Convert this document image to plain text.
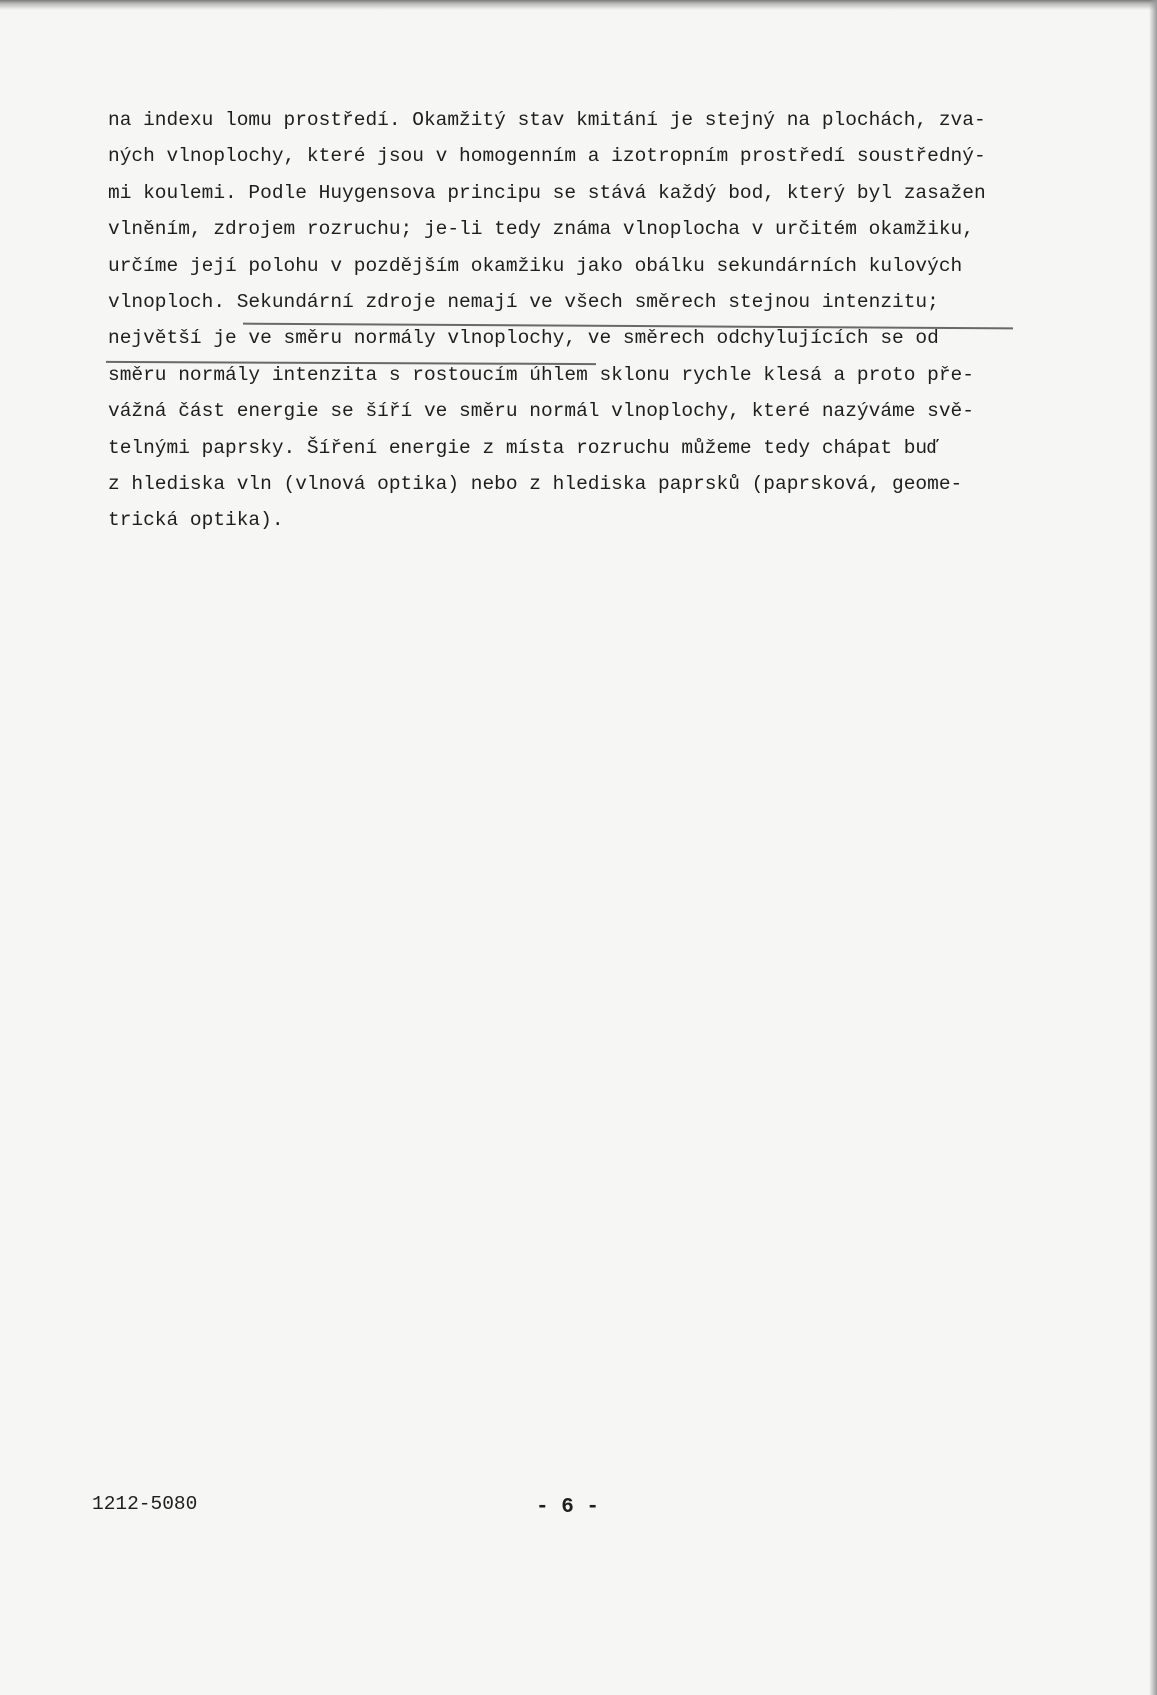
na indexu lomu prostředí. Okamžitý stav kmitání je stejný na plochách, zva-
ných vlnoplochy, které jsou v homogenním a izotropním prostředí soustředný-
mi koulemi. Podle Huygensova principu se stává každý bod, který byl zasažen
vlněním, zdrojem rozruchu; je-li tedy známa vlnoplocha v určitém okamžiku,
určíme její polohu v pozdějším okamžiku jako obálku sekundárních kulových
vlnoploch. Sekundární zdroje nemají ve všech směrech stejnou intenzitu;
největší je ve směru normály vlnoplochy, ve směrech odchylujících se od
směru normály intenzita s rostoucím úhlem sklonu rychle klesá a proto pře-
vážná část energie se šíří ve směru normál vlnoplochy, které nazýváme svě-
telnými paprsky. Šíření energie z místa rozruchu můžeme tedy chápat buď
z hlediska vln (vlnová optika) nebo z hlediska paprsků (paprsková, geome-
trická optika).
1212-5080	- 6 -
